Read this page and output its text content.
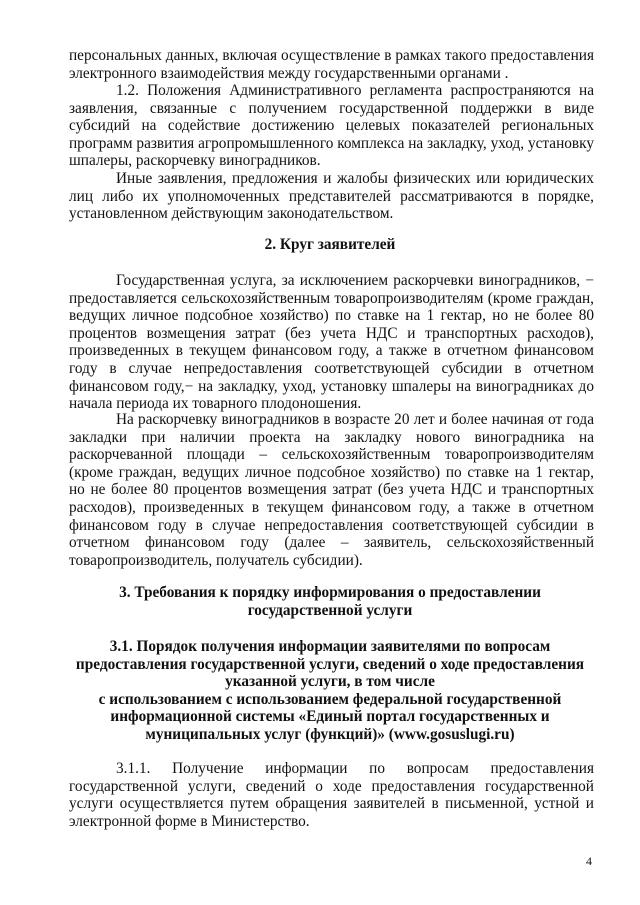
персональных данных, включая осуществление в рамках такого предоставления электронного взаимодействия между государственными органами .

1.2. Положения Административного регламента распространяются на заявления, связанные с получением государственной поддержки в виде субсидий на содействие достижению целевых показателей региональных программ развития агропромышленного комплекса на закладку, уход, установку шпалеры, раскорчевку виноградников.

Иные заявления, предложения и жалобы физических или юридических лиц либо их уполномоченных представителей рассматриваются в порядке, установленном действующим законодательством.

2. Круг заявителей

Государственная услуга, за исключением раскорчевки виноградников, − предоставляется сельскохозяйственным товаропроизводителям (кроме граждан, ведущих личное подсобное хозяйство) по ставке на 1 гектар, но не более 80 процентов возмещения затрат (без учета НДС и транспортных расходов), произведенных в текущем финансовом году, а также в отчетном финансовом году в случае непредоставления соответствующей субсидии в отчетном финансовом году,− на закладку, уход, установку шпалеры на виноградниках до начала периода их товарного плодоношения.

На раскорчевку виноградников в возрасте 20 лет и более начиная от года закладки при наличии проекта на закладку нового виноградника на раскорчеванной площади – сельскохозяйственным товаропроизводителям (кроме граждан, ведущих личное подсобное хозяйство) по ставке на 1 гектар, но не более 80 процентов возмещения затрат (без учета НДС и транспортных расходов), произведенных в текущем финансовом году, а также в отчетном финансовом году в случае непредоставления соответствующей субсидии в отчетном финансовом году (далее – заявитель, сельскохозяйственный товаропроизводитель, получатель субсидии).

3. Требования к порядку информирования о предоставлении
государственной услуги
3.1. Порядок получения информации заявителями по вопросам
предоставления государственной услуги, сведений о ходе предоставления
указанной услуги, в том числе
с использованием с использованием федеральной государственной
информационной системы «Единый портал государственных и
муниципальных услуг (функций)» (www.gosuslugi.ru)

3.1.1. Получение информации по вопросам предоставления государственной услуги, сведений о ходе предоставления государственной услуги осуществляется путем обращения заявителей в письменной, устной и электронной форме в Министерство.

4
